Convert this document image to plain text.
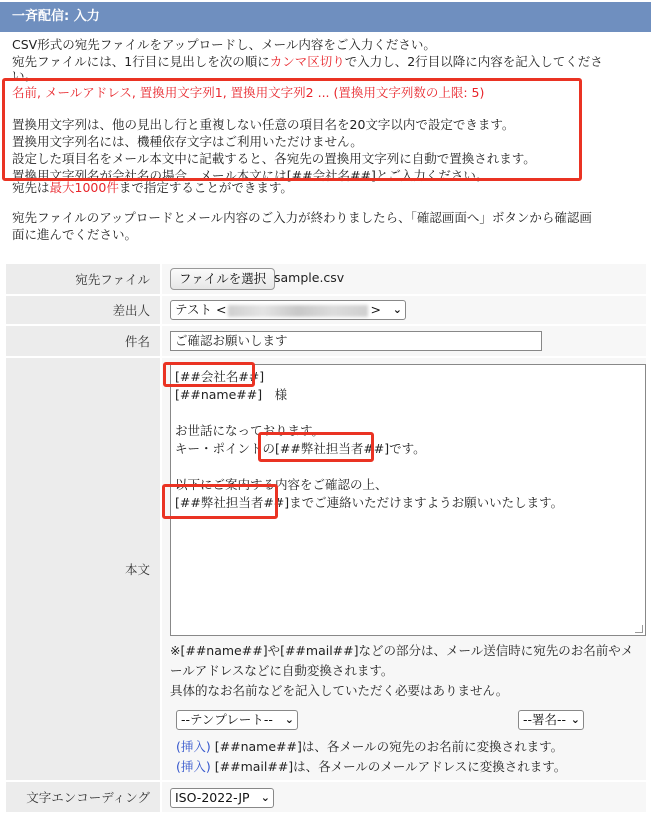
一斉配信: 入力
CSV形式の宛先ファイルをアップロードし、メール内容をご入力ください。
宛先ファイルには、1行目に見出しを次の順にカンマ区切りで入力し、2行目以降に内容を記入してくださ
い。
名前, メールアドレス, 置換用文字列1, 置換用文字列2 ... (置換用文字列数の上限: 5)
置換用文字列は、他の見出し行と重複しない任意の項目名を20文字以内で設定できます。
置換用文字列名には、機種依存文字はご利用いただけません。
設定した項目名をメール本文中に記載すると、各宛先の置換用文字列に自動で置換されます。
置換用文字列名が会社名の場合、メール本文には[##会社名##]とご入力ください。
宛先は最大1000件まで指定することができます。
宛先ファイルのアップロードとメール内容のご入力が終わりましたら、「確認画面へ」ボタンから確認画
面に進んでください。
宛先ファイル	ファイルを選択 sample.csv
差出人	テスト <	> ⌄
件名	ご確認お願いします
本文
[##会社名##]
[##name##]　様
お世話になっております。
キー・ポイントの[##弊社担当者##]です。
以下にご案内する内容をご確認の上、
[##弊社担当者##]までご連絡いただけますようお願いいたします。
※[##name##]や[##mail##]などの部分は、メール送信時に宛先のお名前やメ
ールアドレスなどに自動変換されます。
具体的なお名前などを記入していただく必要はありません。
--テンプレート-- ⌄	--署名-- ⌄
(挿入) [##name##]は、各メールの宛先のお名前に変換されます。
(挿入) [##mail##]は、各メールのメールアドレスに変換されます。
文字エンコーディング	ISO-2022-JP ⌄
